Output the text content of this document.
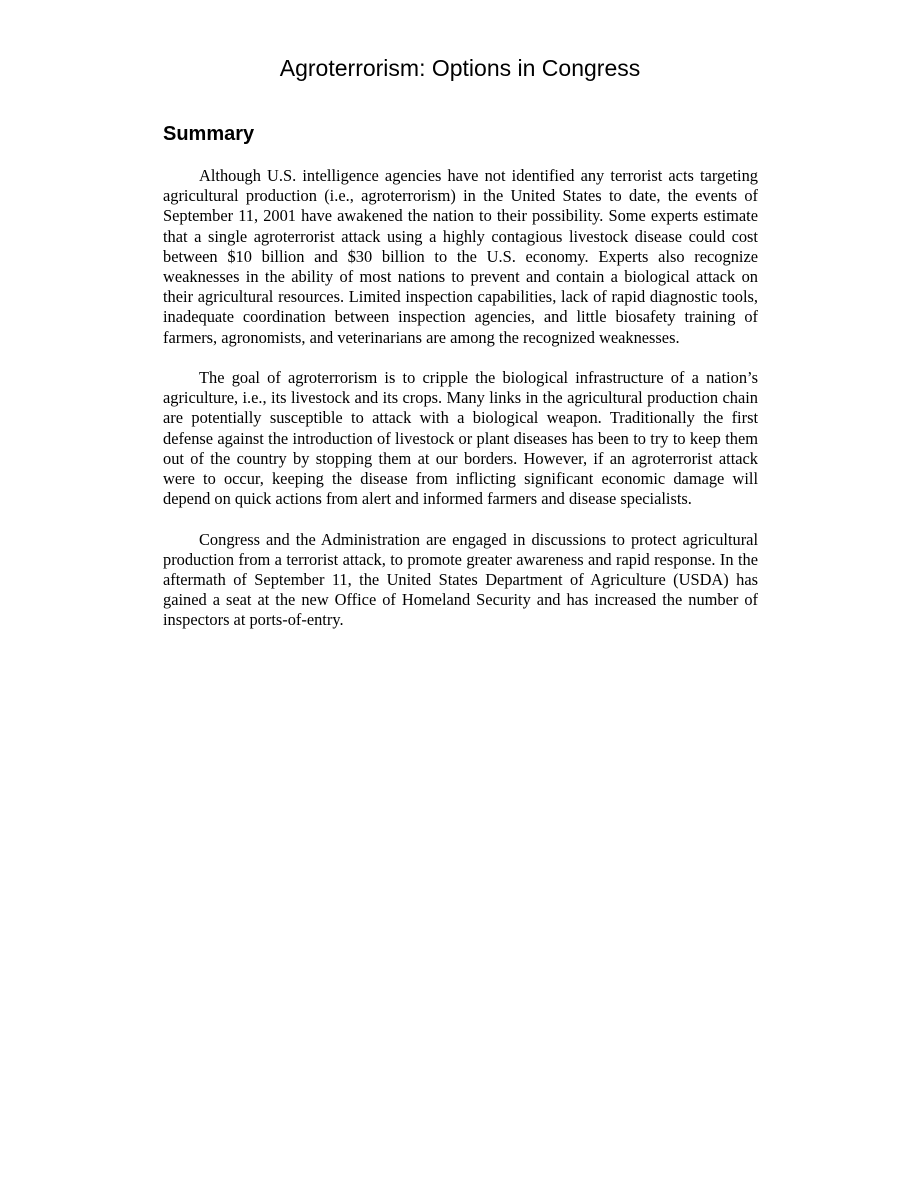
Agroterrorism: Options in Congress
Summary

Although U.S. intelligence agencies have not identified any terrorist acts targeting agricultural production (i.e., agroterrorism) in the United States to date, the events of September 11, 2001 have awakened the nation to their possibility. Some experts estimate that a single agroterrorist attack using a highly contagious livestock disease could cost between $10 billion and $30 billion to the U.S. economy. Experts also recognize weaknesses in the ability of most nations to prevent and contain a biological attack on their agricultural resources. Limited inspection capabilities, lack of rapid diagnostic tools, inadequate coordination between inspection agencies, and little biosafety training of farmers, agronomists, and veterinarians are among the recognized weaknesses.

The goal of agroterrorism is to cripple the biological infrastructure of a nation’s agriculture, i.e., its livestock and its crops. Many links in the agricultural production chain are potentially susceptible to attack with a biological weapon. Traditionally the first defense against the introduction of livestock or plant diseases has been to try to keep them out of the country by stopping them at our borders. However, if an agroterrorist attack were to occur, keeping the disease from inflicting significant economic damage will depend on quick actions from alert and informed farmers and disease specialists.

Congress and the Administration are engaged in discussions to protect agricultural production from a terrorist attack, to promote greater awareness and rapid response. In the aftermath of September 11, the United States Department of Agriculture (USDA) has gained a seat at the new Office of Homeland Security and has increased the number of inspectors at ports-of-entry.
